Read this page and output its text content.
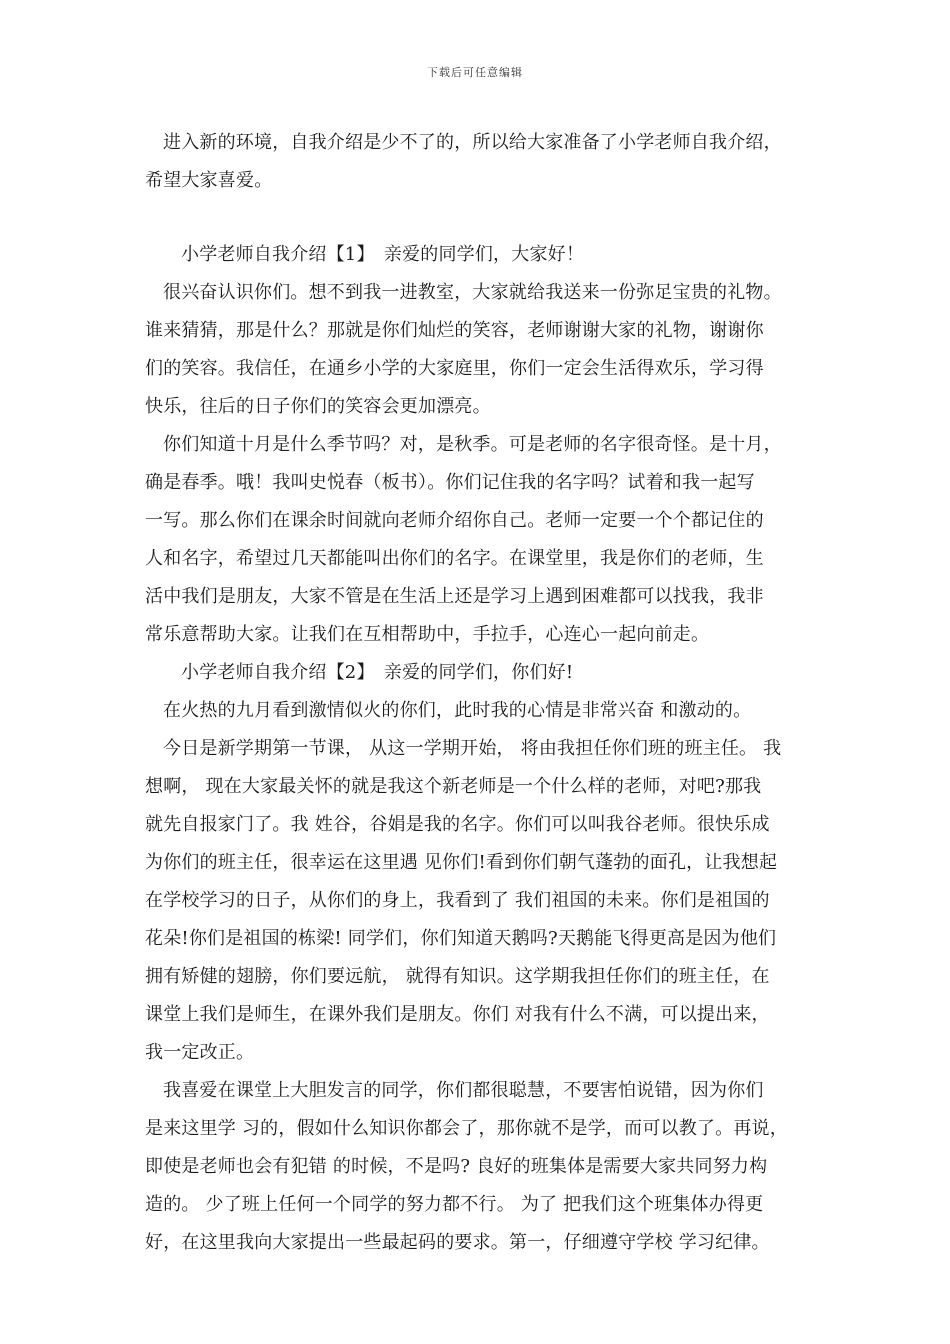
下载后可任意编辑
进入新的环境，自我介绍是少不了的，所以给大家准备了小学老师自我介绍，
希望大家喜爱。
小学老师自我介绍【1】　亲爱的同学们，大家好！
很兴奋认识你们。想不到我一进教室，大家就给我送来一份弥足宝贵的礼物。
谁来猜猜，那是什么？那就是你们灿烂的笑容，老师谢谢大家的礼物，谢谢你
们的笑容。我信任，在通乡小学的大家庭里，你们一定会生活得欢乐，学习得
快乐，往后的日子你们的笑容会更加漂亮。
你们知道十月是什么季节吗？对，是秋季。可是老师的名字很奇怪。是十月，
确是春季。哦！我叫史悦春（板书）。你们记住我的名字吗？试着和我一起写
一写。那么你们在课余时间就向老师介绍你自己。老师一定要一个个都记住的
人和名字，希望过几天都能叫出你们的名字。在课堂里，我是你们的老师，生
活中我们是朋友，大家不管是在生活上还是学习上遇到困难都可以找我，我非
常乐意帮助大家。让我们在互相帮助中，手拉手，心连心一起向前走。
小学老师自我介绍【2】　亲爱的同学们，你们好!
在火热的九月看到激情似火的你们，此时我的心情是非常兴奋 和激动的。
今日是新学期第一节课， 从这一学期开始， 将由我担任你们班的班主任。 我
想啊， 现在大家最关怀的就是我这个新老师是一个什么样的老师，对吧?那我
就先自报家门了。我 姓谷，谷娟是我的名字。你们可以叫我谷老师。很快乐成
为你们的班主任，很幸运在这里遇 见你们!看到你们朝气蓬勃的面孔，让我想起
在学校学习的日子，从你们的身上，我看到了 我们祖国的未来。你们是祖国的
花朵!你们是祖国的栋梁! 同学们，你们知道天鹅吗?天鹅能飞得更高是因为他们
拥有矫健的翅膀，你们要远航， 就得有知识。这学期我担任你们的班主任，在
课堂上我们是师生，在课外我们是朋友。你们 对我有什么不满，可以提出来，
我一定改正。
我喜爱在课堂上大胆发言的同学，你们都很聪慧，不要害怕说错，因为你们
是来这里学 习的，假如什么知识你都会了，那你就不是学，而可以教了。再说，
即使是老师也会有犯错 的时候，不是吗? 良好的班集体是需要大家共同努力构
造的。 少了班上任何一个同学的努力都不行。 为了 把我们这个班集体办得更
好，在这里我向大家提出一些最起码的要求。第一，仔细遵守学校 学习纪律。
